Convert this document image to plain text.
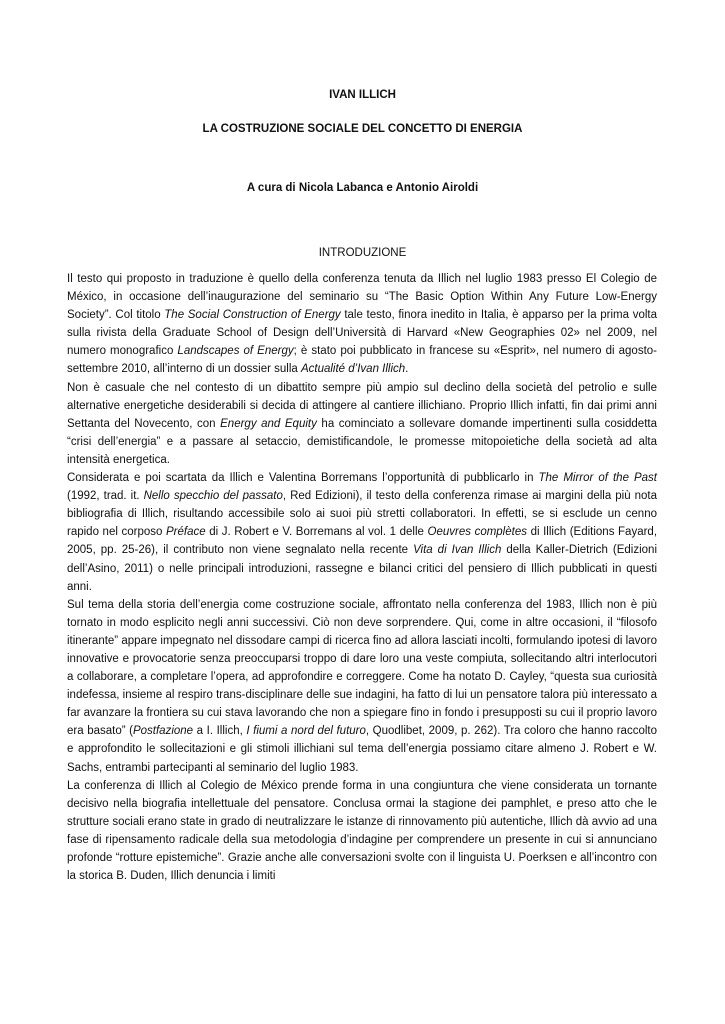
IVAN ILLICH
LA COSTRUZIONE SOCIALE DEL CONCETTO DI ENERGIA
A cura di Nicola Labanca e Antonio Airoldi
INTRODUZIONE

Il testo qui proposto in traduzione è quello della conferenza tenuta da Illich nel luglio 1983 presso El Colegio de México, in occasione dell’inaugurazione del seminario su “The Basic Option Within Any Future Low-Energy Society”. Col titolo The Social Construction of Energy tale testo, finora inedito in Italia, è apparso per la prima volta sulla rivista della Graduate School of Design dell’Università di Harvard «New Geographies 02» nel 2009, nel numero monografico Landscapes of Energy; è stato poi pubblicato in francese su «Esprit», nel numero di agosto-settembre 2010, all’interno di un dossier sulla Actualité d’Ivan Illich.

Non è casuale che nel contesto di un dibattito sempre più ampio sul declino della società del petrolio e sulle alternative energetiche desiderabili si decida di attingere al cantiere illichiano. Proprio Illich infatti, fin dai primi anni Settanta del Novecento, con Energy and Equity ha cominciato a sollevare domande impertinenti sulla cosiddetta “crisi dell’energia” e a passare al setaccio, demistificandole, le promesse mitopoietiche della società ad alta intensità energetica.

Considerata e poi scartata da Illich e Valentina Borremans l’opportunità di pubblicarlo in The Mirror of the Past (1992, trad. it. Nello specchio del passato, Red Edizioni), il testo della conferenza rimase ai margini della più nota bibliografia di Illich, risultando accessibile solo ai suoi più stretti collaboratori. In effetti, se si esclude un cenno rapido nel corposo Préface di J. Robert e V. Borremans al vol. 1 delle Oeuvres complètes di Illich (Editions Fayard, 2005, pp. 25-26), il contributo non viene segnalato nella recente Vita di Ivan Illich della Kaller-Dietrich (Edizioni dell’Asino, 2011) o nelle principali introduzioni, rassegne e bilanci critici del pensiero di Illich pubblicati in questi anni.

Sul tema della storia dell’energia come costruzione sociale, affrontato nella conferenza del 1983, Illich non è più tornato in modo esplicito negli anni successivi. Ciò non deve sorprendere. Qui, come in altre occasioni, il “filosofo itinerante” appare impegnato nel dissodare campi di ricerca fino ad allora lasciati incolti, formulando ipotesi di lavoro innovative e provocatorie senza preoccuparsi troppo di dare loro una veste compiuta, sollecitando altri interlocutori a collaborare, a completare l’opera, ad approfondire e correggere. Come ha notato D. Cayley, “questa sua curiosità indefessa, insieme al respiro trans-disciplinare delle sue indagini, ha fatto di lui un pensatore talora più interessato a far avanzare la frontiera su cui stava lavorando che non a spiegare fino in fondo i presupposti su cui il proprio lavoro era basato” (Postfazione a I. Illich, I fiumi a nord del futuro, Quodlibet, 2009, p. 262). Tra coloro che hanno raccolto e approfondito le sollecitazioni e gli stimoli illichiani sul tema dell’energia possiamo citare almeno J. Robert e W. Sachs, entrambi partecipanti al seminario del luglio 1983.

La conferenza di Illich al Colegio de México prende forma in una congiuntura che viene considerata un tornante decisivo nella biografia intellettuale del pensatore. Conclusa ormai la stagione dei pamphlet, e preso atto che le strutture sociali erano state in grado di neutralizzare le istanze di rinnovamento più autentiche, Illich dà avvio ad una fase di ripensamento radicale della sua metodologia d’indagine per comprendere un presente in cui si annunciano profonde “rotture epistemiche”. Grazie anche alle conversazioni svolte con il linguista U. Poerksen e all’incontro con la storica B. Duden, Illich denuncia i limiti
